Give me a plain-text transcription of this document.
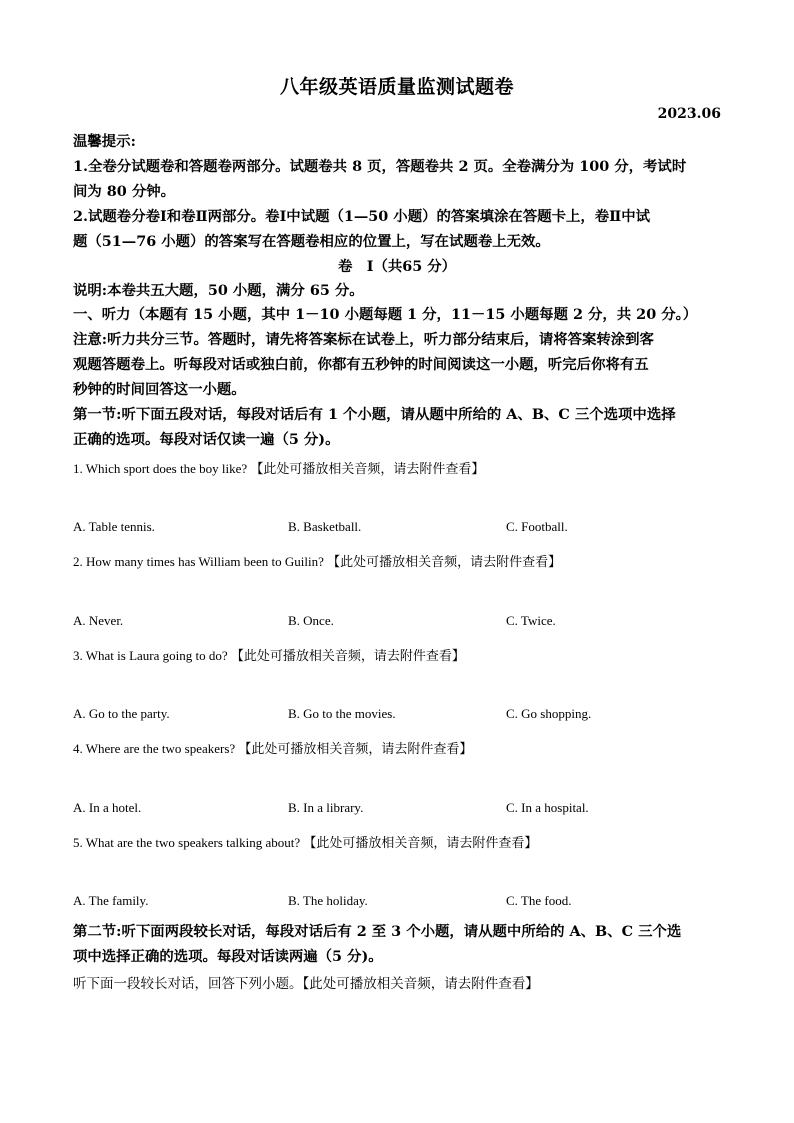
八年级英语质量监测试题卷
2023.06
温馨提示:
1.全卷分试题卷和答题卷两部分。试题卷共 8 页，答题卷共 2 页。全卷满分为 100 分，考试时
间为 80 分钟。
2.试题卷分卷Ⅰ和卷Ⅱ两部分。卷Ⅰ中试题（1—50 小题）的答案填涂在答题卡上，卷Ⅱ中试
题（51—76 小题）的答案写在答题卷相应的位置上，写在试题卷上无效。
卷　Ⅰ（共65 分）
说明:本卷共五大题，50 小题，满分 65 分。
一、听力（本题有 15 小题，其中 1－10 小题每题 1 分，11－15 小题每题 2 分，共 20 分。）
注意:听力共分三节。答题时，请先将答案标在试卷上，听力部分结束后，请将答案转涂到客
观题答题卷上。听每段对话或独白前，你都有五秒钟的时间阅读这一小题，听完后你将有五
秒钟的时间回答这一小题。
第一节:听下面五段对话，每段对话后有 1 个小题，请从题中所给的 A、B、C 三个选项中选择
正确的选项。每段对话仅读一遍（5 分)。
1. Which sport does the boy like? 【此处可播放相关音频，请去附件查看】
A. Table tennis.	B. Basketball.	C. Football.
2. How many times has William been to Guilin? 【此处可播放相关音频，请去附件查看】
A. Never.	B. Once.	C. Twice.
3. What is Laura going to do? 【此处可播放相关音频，请去附件查看】
A. Go to the party.	B. Go to the movies.	C. Go shopping.
4. Where are the two speakers? 【此处可播放相关音频，请去附件查看】
A. In a hotel.	B. In a library.	C. In a hospital.
5. What are the two speakers talking about? 【此处可播放相关音频，请去附件查看】
A. The family.	B. The holiday.	C. The food.
第二节:听下面两段较长对话，每段对话后有 2 至 3 个小题，请从题中所给的 A、B、C 三个选
项中选择正确的选项。每段对话读两遍（5 分)。
听下面一段较长对话，回答下列小题。【此处可播放相关音频，请去附件查看】
